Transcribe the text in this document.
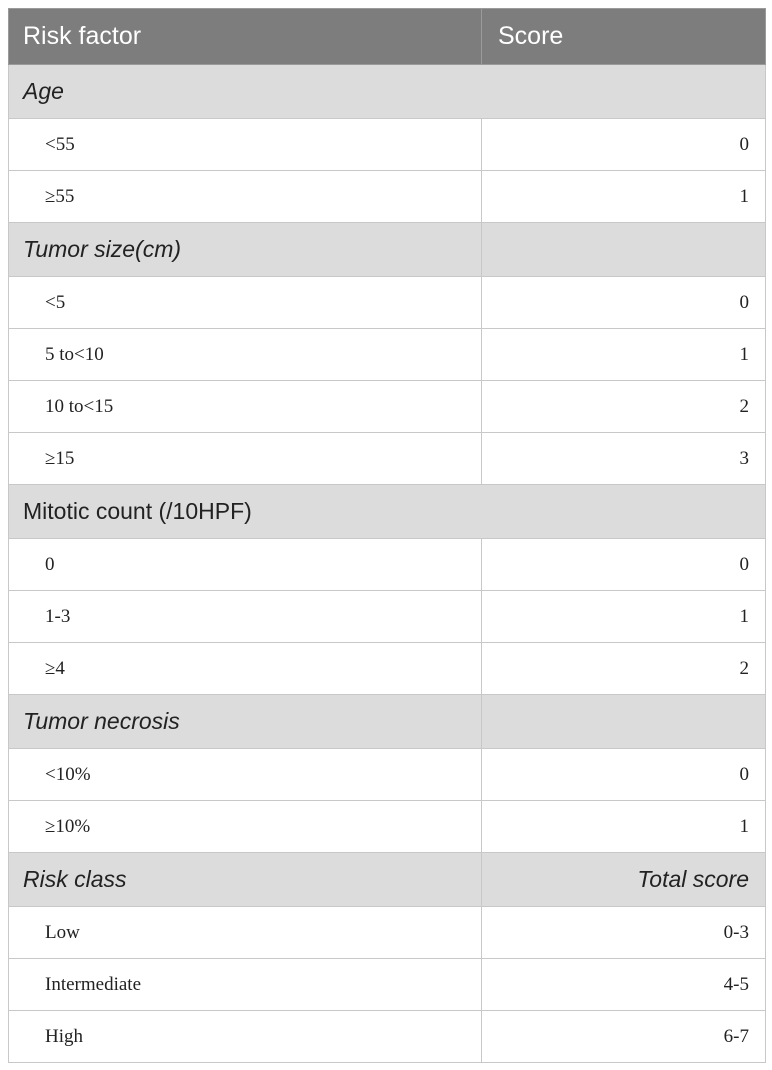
Risk factor	Score
Age	
<55	0
≥55	1
Tumor size(cm)	
<5	0
5 to<10	1
10 to<15	2
≥15	3
Mitotic count (/10HPF)	
0	0
1-3	1
≥4	2
Tumor necrosis	
<10%	0
≥10%	1
Risk class	Total score
Low	0-3
Intermediate	4-5
High	6-7
